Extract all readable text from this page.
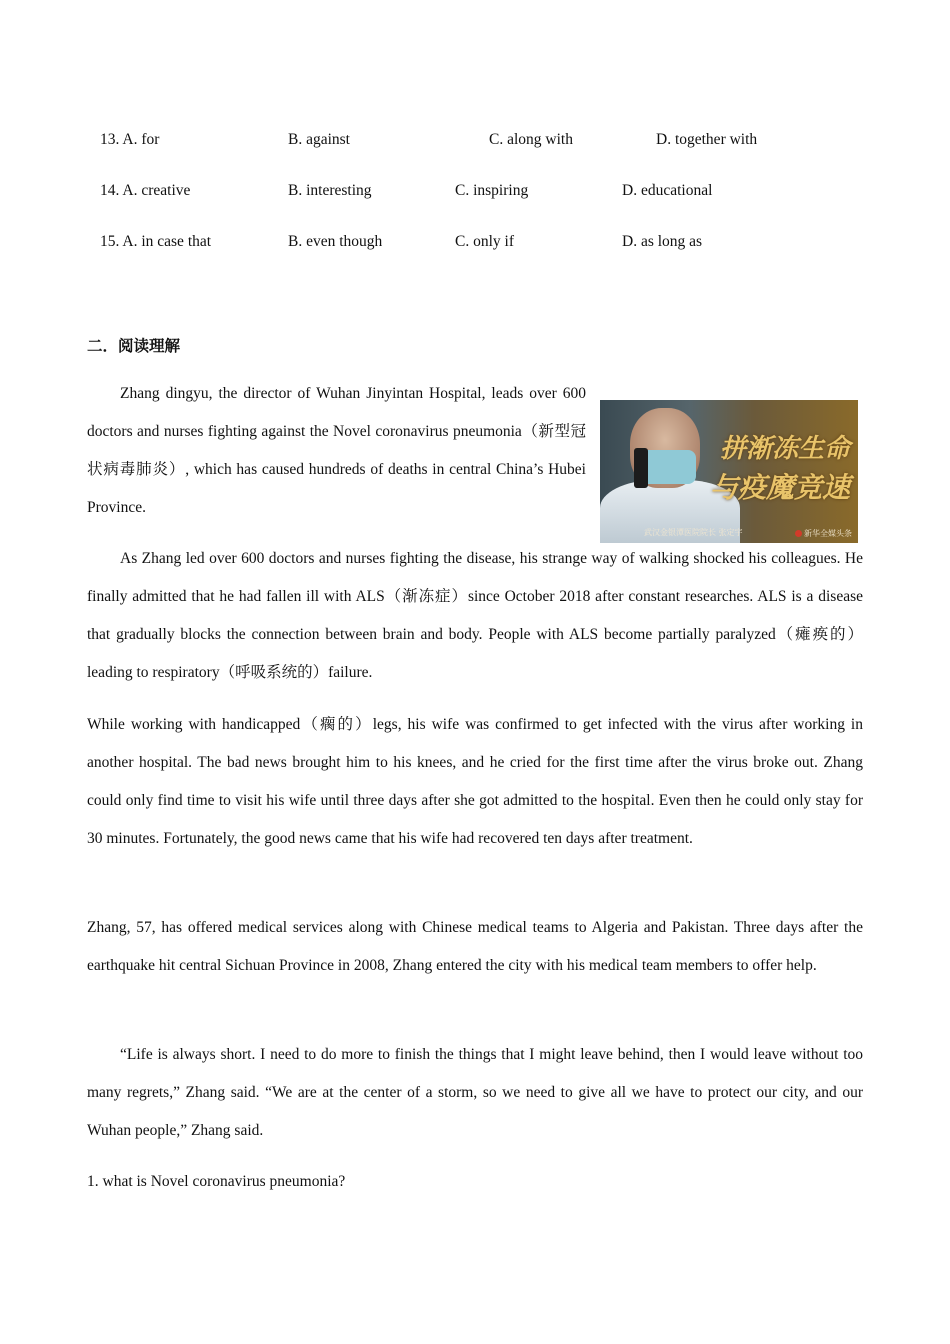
13. A. for	B. against	C. along with	D. together with
14. A. creative	B. interesting	C. inspiring	D. educational
15. A. in case that	B. even though	C. only if	D. as long as
二．阅读理解

Zhang dingyu, the director of Wuhan Jinyintan Hospital, leads over 600 doctors and nurses fighting against the Novel coronavirus pneumonia（新型冠状病毒肺炎）, which has caused hundreds of deaths in central China’s Hubei Province.

拼渐冻生命
与疫魔竞速
武汉金银潭医院院长 张定宇	新华全媒头条

As Zhang led over 600 doctors and nurses fighting the disease, his strange way of walking shocked his colleagues. He finally admitted that he had fallen ill with ALS（渐冻症）since October 2018 after constant researches. ALS is a disease that gradually blocks the connection between brain and body. People with ALS become partially paralyzed（瘫痪的）leading to respiratory（呼吸系统的）failure.

While working with handicapped（瘸的）legs, his wife was confirmed to get infected with the virus after working in another hospital. The bad news brought him to his knees, and he cried for the first time after the virus broke out. Zhang could only find time to visit his wife until three days after she got admitted to the hospital. Even then he could only stay for 30 minutes. Fortunately, the good news came that his wife had recovered ten days after treatment.

Zhang, 57, has offered medical services along with Chinese medical teams to Algeria and Pakistan. Three days after the earthquake hit central Sichuan Province in 2008, Zhang entered the city with his medical team members to offer help.

“Life is always short. I need to do more to finish the things that I might leave behind, then I would leave without too many regrets,” Zhang said. “We are at the center of a storm, so we need to give all we have to protect our city, and our Wuhan people,” Zhang said.

1. what is Novel coronavirus pneumonia?
